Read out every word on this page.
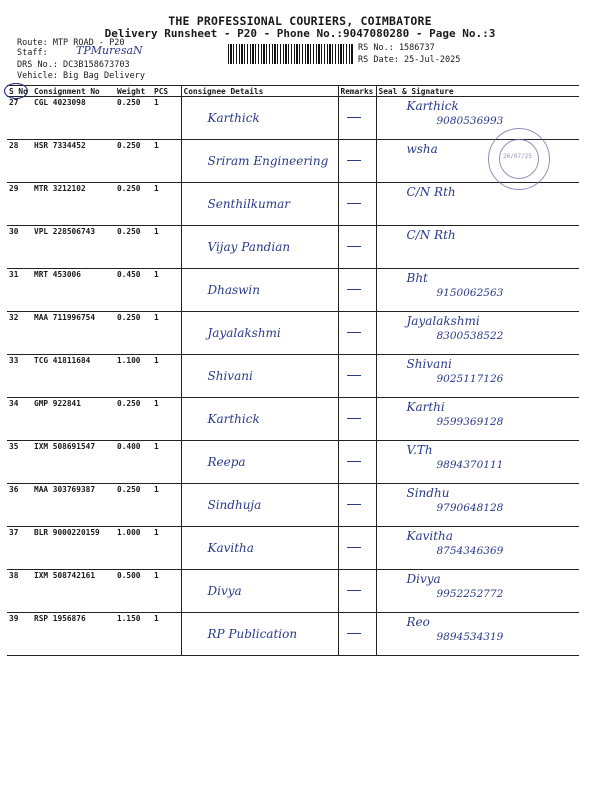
THE PROFESSIONAL COURIERS, COIMBATORE
Delivery Runsheet - P20 - Phone No.:9047080280 - Page No.:3
Route: MTP ROAD - P20
Staff:	TPMuresaN
DRS No.: DC3B158673703
Vehicle: Big Bag Delivery
RS No.: 1586737
RS Date: 25-Jul-2025
S No	Consignment No	Weight	PCS	Consignee Details	Remarks	Seal & Signature
27	CGL 4023098	0.250	1	Karthick		Karthick
9080536993

28	HSR 7334452	0.250	1	Sriram Engineering		wsha

29	MTR 3212102	0.250	1	Senthilkumar		C/N Rth

30	VPL 228506743	0.250	1	Vijay Pandian		C/N Rth

31	MRT 453006	0.450	1	Dhaswin		Bht
9150062563

32	MAA 711996754	0.250	1	Jayalakshmi		Jayalakshmi
8300538522

33	TCG 41811684	1.100	1	Shivani		Shivani
9025117126

34	GMP 922841	0.250	1	Karthick		Karthi
9599369128

35	IXM 508691547	0.400	1	Reepa		V.Th
9894370111

36	MAA 303769387	0.250	1	Sindhuja		Sindhu
9790648128

37	BLR 9000220159	1.000	1	Kavitha		Kavitha
8754346369

38	IXM 508742161	0.500	1	Divya		Divya
9952252772

39	RSP 1956876	1.150	1	RP Publication		Reo
9894534319
26/07/25
